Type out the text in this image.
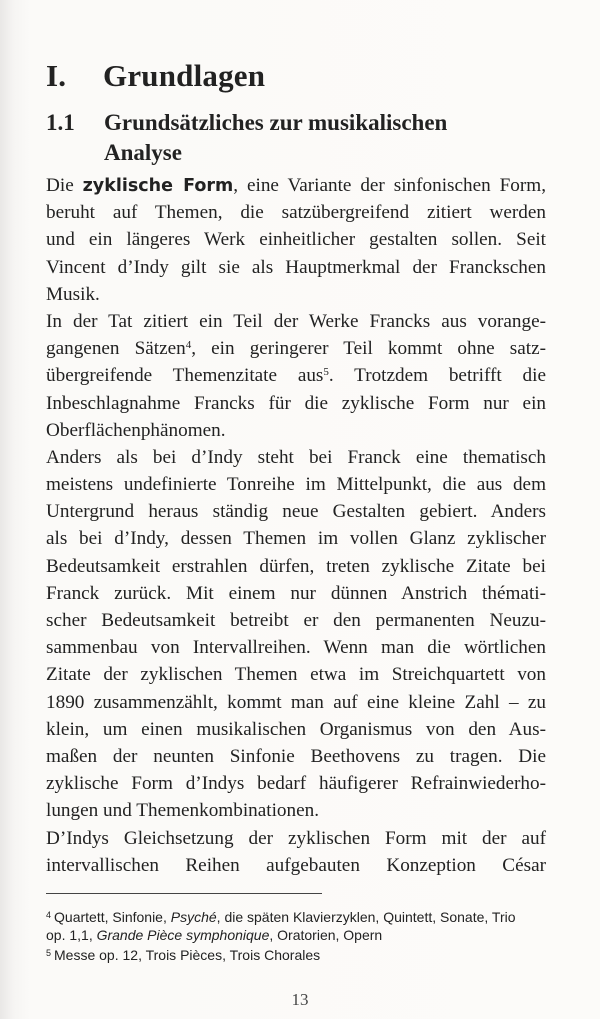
I. Grundlagen
1.1 Grundsätzliches zur musikalischen
Analyse
Die zyklische Form, eine Variante der sinfonischen Form,
beruht auf Themen, die satzübergreifend zitiert werden
und ein längeres Werk einheitlicher gestalten sollen. Seit
Vincent d’Indy gilt sie als Hauptmerkmal der Franckschen
Musik.
In der Tat zitiert ein Teil der Werke Francks aus vorange-
gangenen Sätzen$^4$, ein geringerer Teil kommt ohne satz-
übergreifende Themenzitate aus$^5$. Trotzdem betrifft die
Inbeschlagnahme Francks für die zyklische Form nur ein
Oberflächenphänomen.
Anders als bei d’Indy steht bei Franck eine thematisch
meistens undefinierte Tonreihe im Mittelpunkt, die aus dem
Untergrund heraus ständig neue Gestalten gebiert. Anders
als bei d’Indy, dessen Themen im vollen Glanz zyklischer
Bedeutsamkeit erstrahlen dürfen, treten zyklische Zitate bei
Franck zurück. Mit einem nur dünnen Anstrich thémati-
scher Bedeutsamkeit betreibt er den permanenten Neuzu-
sammenbau von Intervallreihen. Wenn man die wörtlichen
Zitate der zyklischen Themen etwa im Streichquartett von
1890 zusammenzählt, kommt man auf eine kleine Zahl – zu
klein, um einen musikalischen Organismus von den Aus-
maßen der neunten Sinfonie Beethovens zu tragen. Die
zyklische Form d’Indys bedarf häufigerer Refrainwiederho-
lungen und Themenkombinationen.
D’Indys Gleichsetzung der zyklischen Form mit der auf
intervallischen Reihen aufgebauten Konzeption César
$^4$ Quartett, Sinfonie, Psyché, die späten Klavierzyklen, Quintett, Sonate, Trio
op. 1,1, Grande Pièce symphonique, Oratorien, Opern
$^5$ Messe op. 12, Trois Pièces, Trois Chorales
13
